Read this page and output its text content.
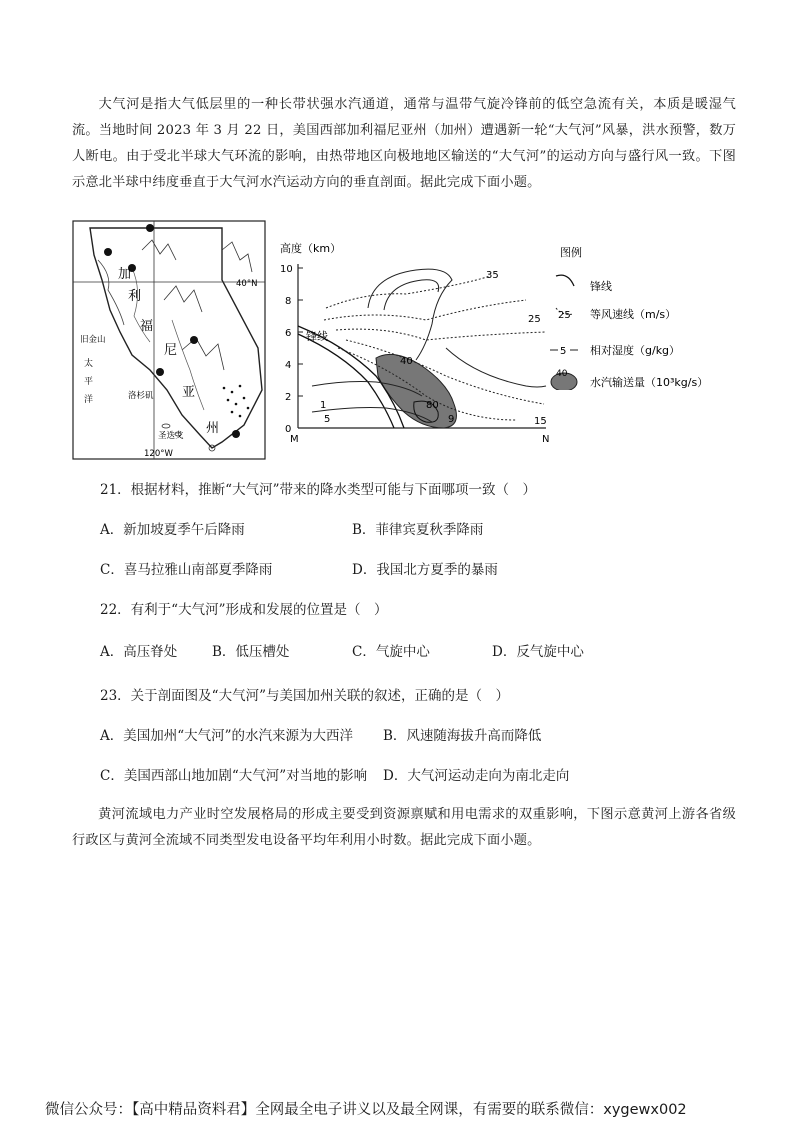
大气河是指大气低层里的一种长带状强水汽通道，通常与温带气旋冷锋前的低空急流有关，本质是暖湿气流。当地时间 2023 年 3 月 22 日，美国西部加利福尼亚州（加州）遭遇新一轮“大气河”风暴，洪水预警，数万人断电。由于受北半球大气环流的影响，由热带地区向极地地区输送的“大气河”的运动方向与盛行风一致。下图示意北半球中纬度垂直于大气河水汽运动方向的垂直剖面。据此完成下面小题。

加
利
福
尼
亚
州
40°N
120°W
旧金山
洛杉矶
圣迭戈
太
平
洋
高度（km）
10
8
6
4
2
0
M	N
锋线
35
25
1
5	15
40
80
9
图例
锋线
25 等风速线（m/s）
5 相对湿度（g/kg）
40
水汽输送量（10³kg/s）

21．根据材料，推断“大气河”带来的降水类型可能与下面哪项一致（　）

A．新加坡夏季午后降雨	B．菲律宾夏秋季降雨

C．喜马拉雅山南部夏季降雨	D．我国北方夏季的暴雨

22．有利于“大气河”形成和发展的位置是（　）

A．高压脊处	B．低压槽处	C．气旋中心	D．反气旋中心

23．关于剖面图及“大气河”与美国加州关联的叙述，正确的是（　）

A．美国加州“大气河”的水汽来源为大西洋 B．风速随海拔升高而降低

C．美国西部山地加剧“大气河”对当地的影响 D．大气河运动走向为南北走向

黄河流域电力产业时空发展格局的形成主要受到资源禀赋和用电需求的双重影响，下图示意黄河上游各省级行政区与黄河全流域不同类型发电设备平均年利用小时数。据此完成下面小题。

微信公众号：【高中精品资料君】全网最全电子讲义以及最全网课，有需要的联系微信：xygewx002
